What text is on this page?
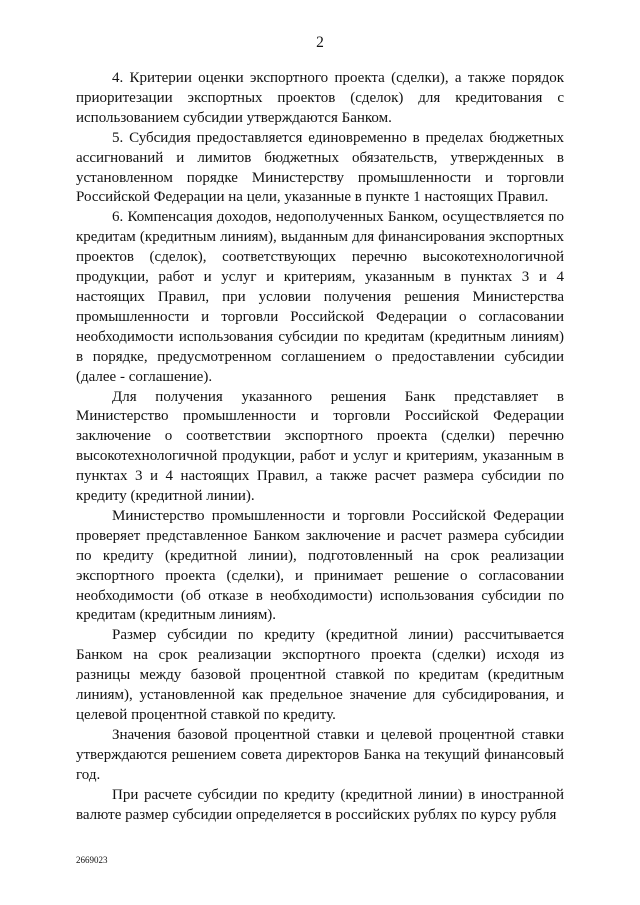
2

4. Критерии оценки экспортного проекта (сделки), а также порядок приоритезации экспортных проектов (сделок) для кредитования с использованием субсидии утверждаются Банком.

5. Субсидия предоставляется единовременно в пределах бюджетных ассигнований и лимитов бюджетных обязательств, утвержденных в установленном порядке Министерству промышленности и торговли Российской Федерации на цели, указанные в пункте 1 настоящих Правил.

6. Компенсация доходов, недополученных Банком, осуществляется по кредитам (кредитным линиям), выданным для финансирования экспортных проектов (сделок), соответствующих перечню высокотехнологичной продукции, работ и услуг и критериям, указанным в пунктах 3 и 4 настоящих Правил, при условии получения решения Министерства промышленности и торговли Российской Федерации о согласовании необходимости использования субсидии по кредитам (кредитным линиям) в порядке, предусмотренном соглашением о предоставлении субсидии (далее - соглашение).

Для получения указанного решения Банк представляет в Министерство промышленности и торговли Российской Федерации заключение о соответствии экспортного проекта (сделки) перечню высокотехнологичной продукции, работ и услуг и критериям, указанным в пунктах 3 и 4 настоящих Правил, а также расчет размера субсидии по кредиту (кредитной линии).

Министерство промышленности и торговли Российской Федерации проверяет представленное Банком заключение и расчет размера субсидии по кредиту (кредитной линии), подготовленный на срок реализации экспортного проекта (сделки), и принимает решение о согласовании необходимости (об отказе в необходимости) использования субсидии по кредитам (кредитным линиям).

Размер субсидии по кредиту (кредитной линии) рассчитывается Банком на срок реализации экспортного проекта (сделки) исходя из разницы между базовой процентной ставкой по кредитам (кредитным линиям), установленной как предельное значение для субсидирования, и целевой процентной ставкой по кредиту.

Значения базовой процентной ставки и целевой процентной ставки утверждаются решением совета директоров Банка на текущий финансовый год.

При расчете субсидии по кредиту (кредитной линии) в иностранной валюте размер субсидии определяется в российских рублях по курсу рубля

2669023
